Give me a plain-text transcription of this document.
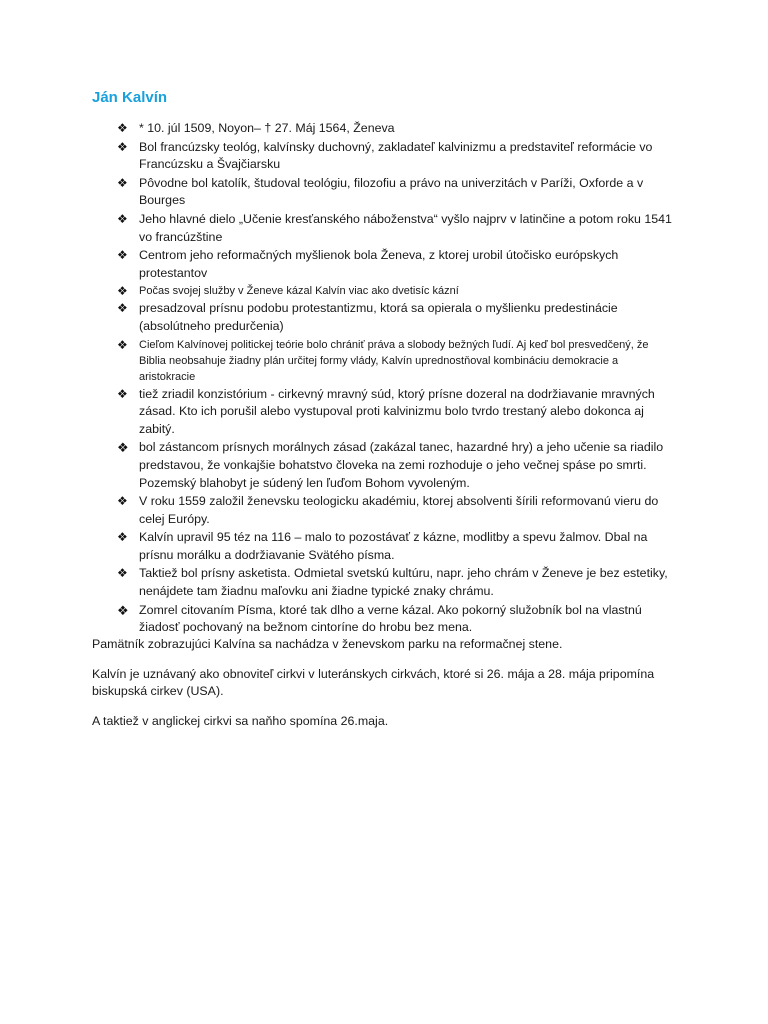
Ján Kalvín
❖ * 10. júl 1509, Noyon– † 27. Máj 1564, Ženeva
❖ Bol francúzsky teológ, kalvínsky duchovný, zakladateľ kalvinizmu a predstaviteľ reformácie vo Francúzsku a Švajčiarsku
❖ Pôvodne bol katolík, študoval teológiu, filozofiu a právo na univerzitách v Paríži, Oxforde a v Bourges
❖ Jeho hlavné dielo „Učenie kresťanského náboženstva“ vyšlo najprv v latinčine a potom roku 1541 vo francúzštine
❖ Centrom jeho reformačných myšlienok bola Ženeva, z ktorej urobil útočisko európskych protestantov
❖ Počas svojej služby v Ženeve kázal Kalvín viac ako dvetisíc kázní
❖ presadzoval prísnu podobu protestantizmu, ktorá sa opierala o myšlienku predestinácie (absolútneho predurčenia)
❖ Cieľom Kalvínovej politickej teórie bolo chrániť práva a slobody bežných ľudí. Aj keď bol presvedčený, že Biblia neobsahuje žiadny plán určitej formy vlády, Kalvín uprednostňoval kombináciu demokracie a aristokracie
❖ tiež zriadil konzistórium - cirkevný mravný súd, ktorý prísne dozeral na dodržiavanie mravných zásad. Kto ich porušil alebo vystupoval proti kalvinizmu bolo tvrdo trestaný alebo dokonca aj zabitý.
❖ bol zástancom prísnych morálnych zásad (zakázal tanec, hazardné hry) a jeho učenie sa riadilo predstavou, že vonkajšie bohatstvo človeka na zemi rozhoduje o jeho večnej spáse po smrti. Pozemský blahobyt je súdený len ľuďom Bohom vyvoleným.
❖ V roku 1559 založil ženevsku teologicku akadémiu, ktorej absolventi šírili reformovanú vieru do celej Európy.
❖ Kalvín upravil 95 téz na 116 – malo to pozostávať z kázne, modlitby a spevu žalmov. Dbal na prísnu morálku a dodržiavanie Svätého písma.
❖ Taktiež bol prísny asketista. Odmietal svetskú kultúru, napr. jeho chrám v Ženeve je bez estetiky, nenájdete tam žiadnu maľovku ani žiadne typické znaky chrámu.
❖ Zomrel citovaním Písma, ktoré tak dlho a verne kázal. Ako pokorný služobník bol na vlastnú žiadosť pochovaný na bežnom cintoríne do hrobu bez mena.

Pamätník zobrazujúci Kalvína sa nachádza v ženevskom parku na reformačnej stene.

Kalvín je uznávaný ako obnoviteľ cirkvi v luteránskych cirkvách, ktoré si 26. mája a 28. mája pripomína biskupská cirkev (USA).

A taktiež v anglickej cirkvi sa naňho spomína 26.maja.
